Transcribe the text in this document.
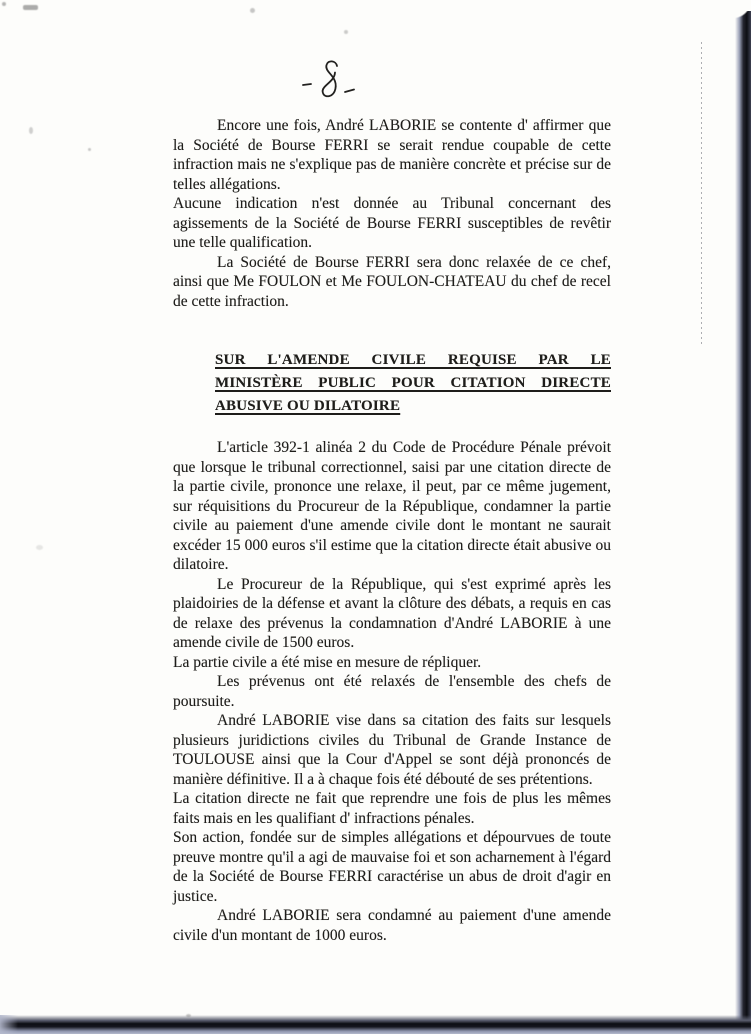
Encore une fois, André LABORIE se contente d' affirmer que la Société de Bourse FERRI se serait rendue coupable de cette infraction mais ne s'explique pas de manière concrète et précise sur de telles allégations.

Aucune indication n'est donnée au Tribunal concernant des agissements de la Société de Bourse FERRI susceptibles de revêtir une telle qualification.

La Société de Bourse FERRI sera donc relaxée de ce chef, ainsi que Me FOULON et Me FOULON-CHATEAU du chef de recel de cette infraction.

SUR L'AMENDE CIVILE REQUISE PAR LE MINISTÈRE PUBLIC POUR CITATION DIRECTE ABUSIVE OU DILATOIRE

L'article 392-1 alinéa 2 du Code de Procédure Pénale prévoit que lorsque le tribunal correctionnel, saisi par une citation directe de la partie civile, prononce une relaxe, il peut, par ce même jugement, sur réquisitions du Procureur de la République, condamner la partie civile au paiement d'une amende civile dont le montant ne saurait excéder 15 000 euros s'il estime que la citation directe était abusive ou dilatoire.

Le Procureur de la République, qui s'est exprimé après les plaidoiries de la défense et avant la clôture des débats, a requis en cas de relaxe des prévenus la condamnation d'André LABORIE à une amende civile de 1500 euros.

La partie civile a été mise en mesure de répliquer.

Les prévenus ont été relaxés de l'ensemble des chefs de poursuite.

André LABORIE vise dans sa citation des faits sur lesquels plusieurs juridictions civiles du Tribunal de Grande Instance de TOULOUSE ainsi que la Cour d'Appel se sont déjà prononcés de manière définitive. Il a à chaque fois été débouté de ses prétentions.

La citation directe ne fait que reprendre une fois de plus les mêmes faits mais en les qualifiant d' infractions pénales.

Son action, fondée sur de simples allégations et dépourvues de toute preuve montre qu'il a agi de mauvaise foi et son acharnement à l'égard de la Société de Bourse FERRI caractérise un abus de droit d'agir en justice.

André LABORIE sera condamné au paiement d'une amende civile d'un montant de 1000 euros.
